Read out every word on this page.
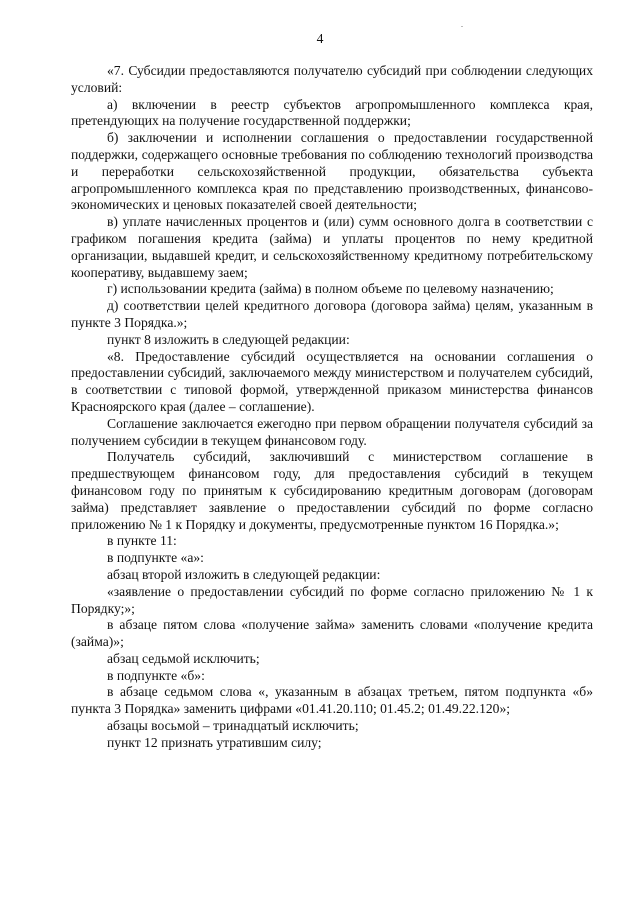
4

«7. Субсидии предоставляются получателю субсидий при соблюдении следующих условий:

а) включении в реестр субъектов агропромышленного комплекса края, претендующих на получение государственной поддержки;

б) заключении и исполнении соглашения о предоставлении государственной поддержки, содержащего основные требования по соблюдению технологий производства и переработки сельскохозяйственной продукции, обязательства субъекта агропромышленного комплекса края по представлению производственных, финансово-экономических и ценовых показателей своей деятельности;

в) уплате начисленных процентов и (или) сумм основного долга в соответствии с графиком погашения кредита (займа) и уплаты процентов по нему кредитной организации, выдавшей кредит, и сельскохозяйственному кредитному потребительскому кооперативу, выдавшему заем;

г) использовании кредита (займа) в полном объеме по целевому назначению;

д) соответствии целей кредитного договора (договора займа) целям, указанным в пункте 3 Порядка.»;

пункт 8 изложить в следующей редакции:

«8. Предоставление субсидий осуществляется на основании соглашения о предоставлении субсидий, заключаемого между министерством и получателем субсидий, в соответствии с типовой формой, утвержденной приказом министерства финансов Красноярского края (далее – соглашение).

Соглашение заключается ежегодно при первом обращении получателя субсидий за получением субсидии в текущем финансовом году.

Получатель субсидий, заключивший с министерством соглашение в предшествующем финансовом году, для предоставления субсидий в текущем финансовом году по принятым к субсидированию кредитным договорам (договорам займа) представляет заявление о предоставлении субсидий по форме согласно приложению № 1 к Порядку и документы, предусмотренные пунктом 16 Порядка.»;

в пункте 11:

в подпункте «а»:

абзац второй изложить в следующей редакции:

«заявление о предоставлении субсидий по форме согласно приложению № 1 к Порядку;»;

в абзаце пятом слова «получение займа» заменить словами «получение кредита (займа)»;

абзац седьмой исключить;

в подпункте «б»:

в абзаце седьмом слова «, указанным в абзацах третьем, пятом подпункта «б» пункта 3 Порядка» заменить цифрами «01.41.20.110; 01.45.2; 01.49.22.120»;

абзацы восьмой – тринадцатый исключить;

пункт 12 признать утратившим силу;
